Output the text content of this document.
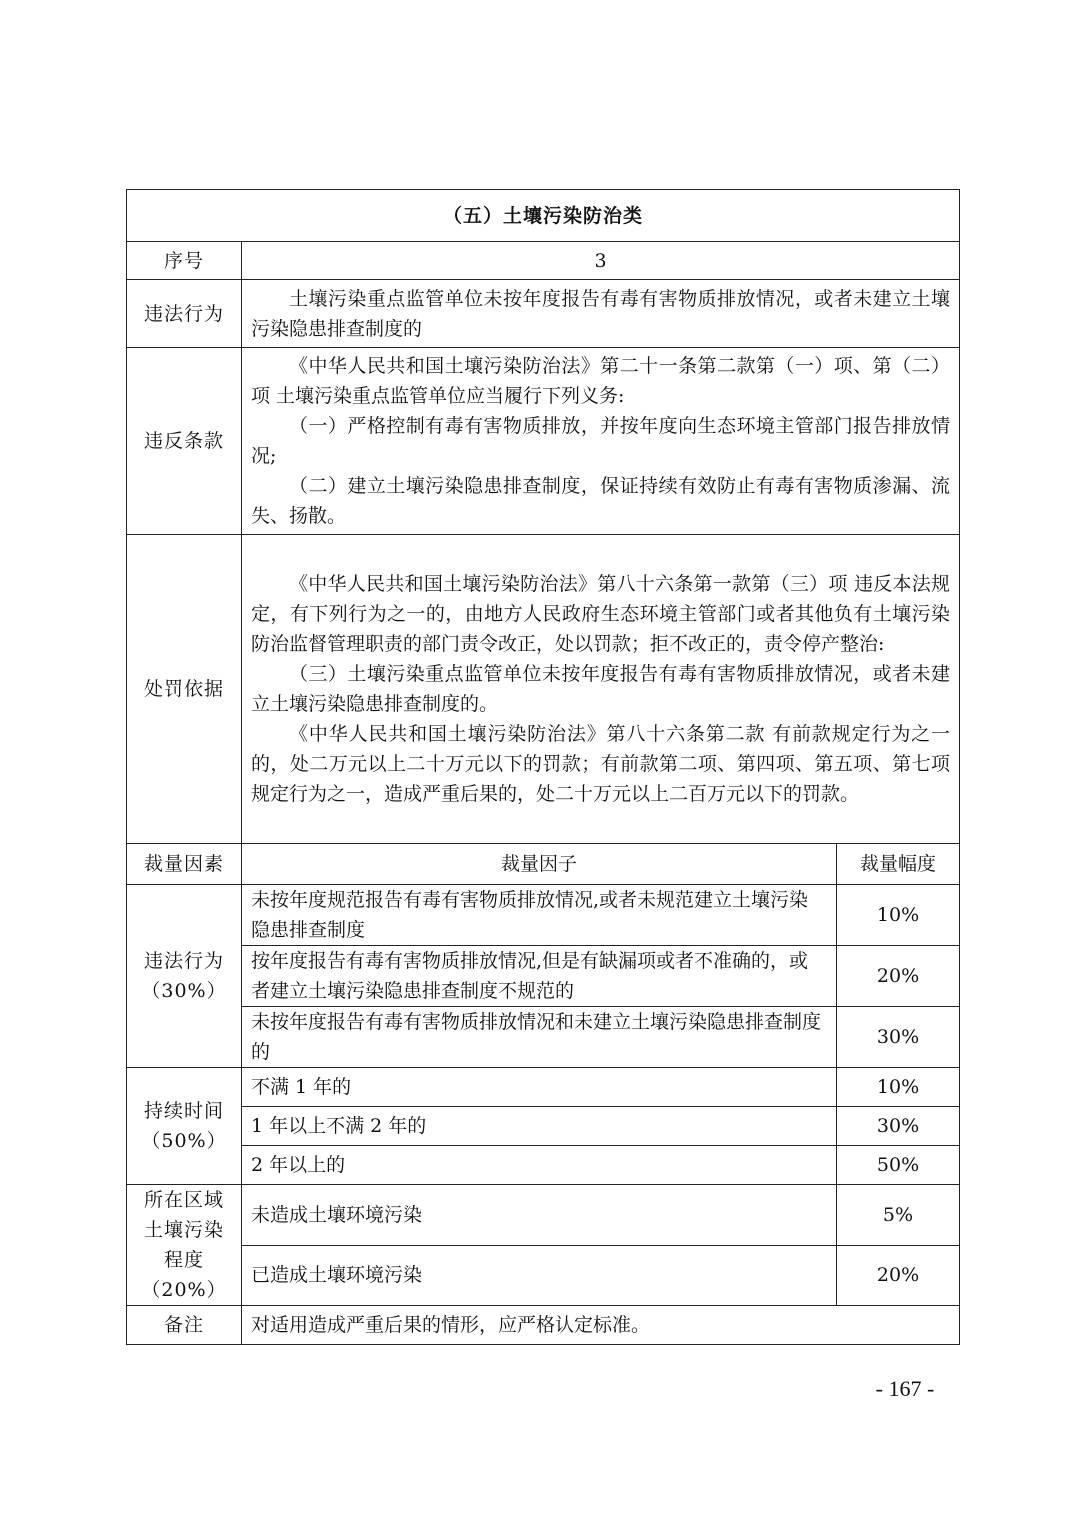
（五）土壤污染防治类		
序号	3	
违法行为	土壤污染重点监管单位未按年度报告有毒有害物质排放情况，或者未建立土壤污染隐患排查制度的	

违反条款	《中华人民共和国土壤污染防治法》第二十一条第二款第（一）项、第（二）项 土壤污染重点监管单位应当履行下列义务:

（一）严格控制有毒有害物质排放，并按年度向生态环境主管部门报告排放情况;

（二）建立土壤污染隐患排查制度，保证持续有效防止有毒有害物质渗漏、流失、扬散。	

处罚依据	《中华人民共和国土壤污染防治法》第八十六条第一款第（三）项 违反本法规定，有下列行为之一的，由地方人民政府生态环境主管部门或者其他负有土壤污染防治监督管理职责的部门责令改正，处以罚款；拒不改正的，责令停产整治:

（三）土壤污染重点监管单位未按年度报告有毒有害物质排放情况，或者未建立土壤污染隐患排查制度的。

《中华人民共和国土壤污染防治法》第八十六条第二款 有前款规定行为之一的，处二万元以上二十万元以下的罚款；有前款第二项、第四项、第五项、第七项规定行为之一，造成严重后果的，处二十万元以上二百万元以下的罚款。	

裁量因素	裁量因子	裁量幅度

违法行为
（30%）	未按年度规范报告有毒有害物质排放情况,或者未规范建立土壤污染隐患排查制度	10%
	按年度报告有毒有害物质排放情况,但是有缺漏项或者不准确的，或者建立土壤污染隐患排查制度不规范的	20%
	未按年度报告有毒有害物质排放情况和未建立土壤污染隐患排查制度的	30%

持续时间
（50%）	不满 1 年的	10%
	1 年以上不满 2 年的	30%
	2 年以上的	50%

所在区域
土壤污染
程度
（20%）	未造成土壤环境污染	5%
	已造成土壤环境污染	20%
备注	对适用造成严重后果的情形，应严格认定标准。	
- 167 -
